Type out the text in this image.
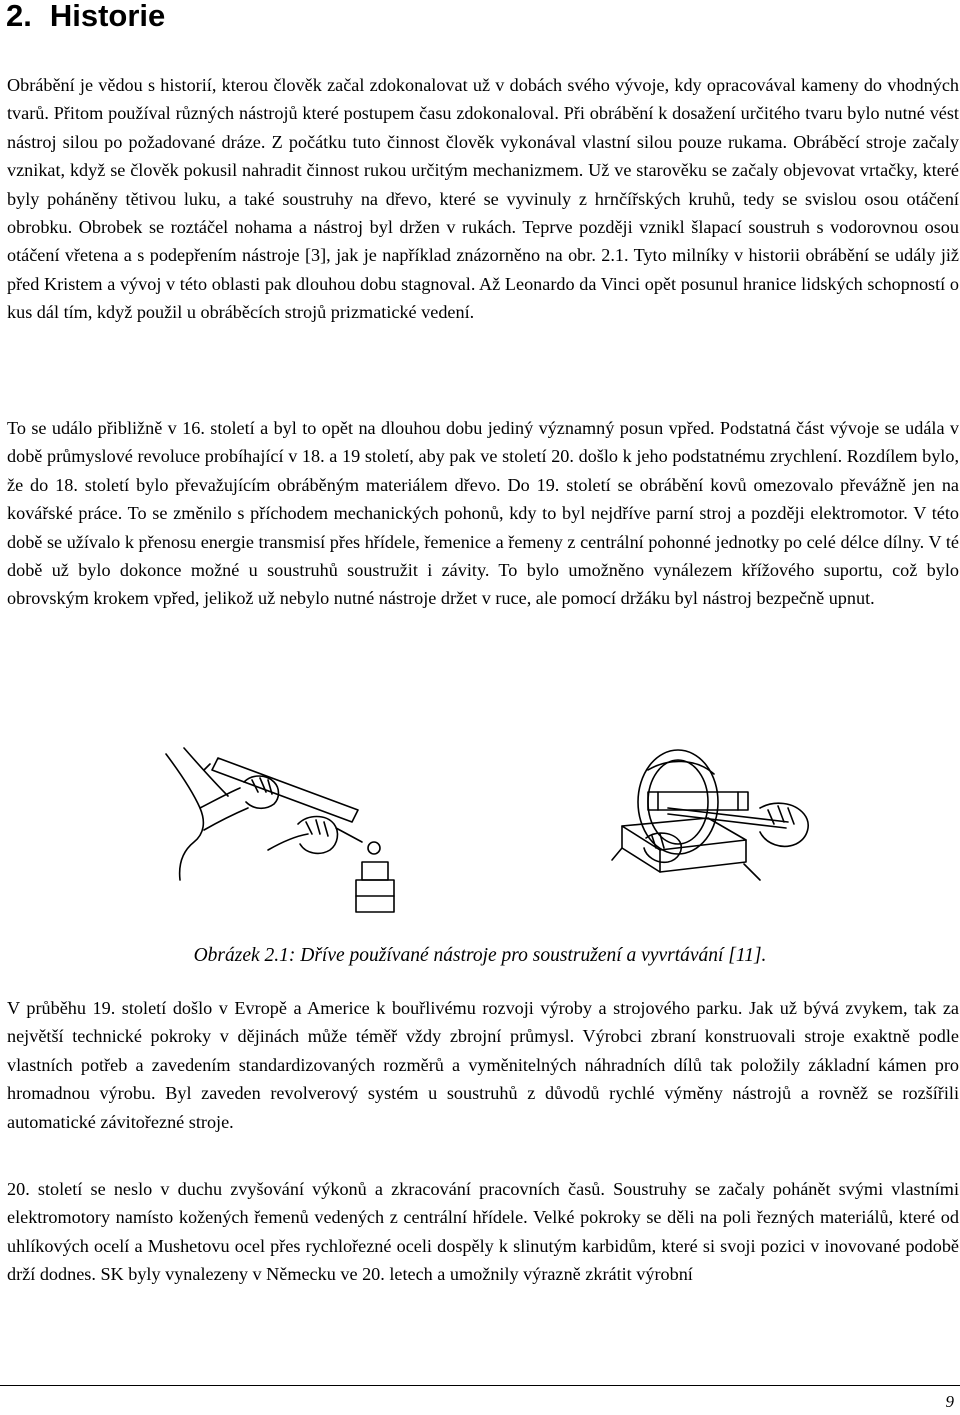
2. Historie

Obrábění je vědou s historií, kterou člověk začal zdokonalovat už v dobách svého vývoje, kdy opracovával kameny do vhodných tvarů. Přitom používal různých nástrojů které postupem času zdokonaloval. Při obrábění k dosažení určitého tvaru bylo nutné vést nástroj silou po požadované dráze. Z počátku tuto činnost člověk vykonával vlastní silou pouze rukama. Obráběcí stroje začaly vznikat, když se člověk pokusil nahradit činnost rukou určitým mechanizmem. Už ve starověku se začaly objevovat vrtačky, které byly poháněny tětivou luku, a také soustruhy na dřevo, které se vyvinuly z hrnčířských kruhů, tedy se svislou osou otáčení obrobku. Obrobek se roztáčel nohama a nástroj byl držen v rukách. Teprve později vznikl šlapací soustruh s vodorovnou osou otáčení vřetena a s podepřením nástroje [3], jak je například znázorněno na obr. 2.1. Tyto milníky v historii obrábění se udály již před Kristem a vývoj v této oblasti pak dlouhou dobu stagnoval. Až Leonardo da Vinci opět posunul hranice lidských schopností o kus dál tím, když použil u obráběcích strojů prizmatické vedení.

To se událo přibližně v 16. století a byl to opět na dlouhou dobu jediný významný posun vpřed. Podstatná část vývoje se udála v době průmyslové revoluce probíhající v 18. a 19 století, aby pak ve století 20. došlo k jeho podstatnému zrychlení. Rozdílem bylo, že do 18. století bylo převažujícím obráběným materiálem dřevo. Do 19. století se obrábění kovů omezovalo převážně jen na kovářské práce. To se změnilo s příchodem mechanických pohonů, kdy to byl nejdříve parní stroj a později elektromotor. V této době se užívalo k přenosu energie transmisí přes hřídele, řemenice a řemeny z centrální pohonné jednotky po celé délce dílny. V té době už bylo dokonce možné u soustruhů soustružit i závity. To bylo umožněno vynálezem křížového suportu, což bylo obrovským krokem vpřed, jelikož už nebylo nutné nástroje držet v ruce, ale pomocí držáku byl nástroj bezpečně upnut.

Obrázek 2.1: Dříve používané nástroje pro soustružení a vyvrtávání [11].

V průběhu 19. století došlo v Evropě a Americe k bouřlivému rozvoji výroby a strojového parku. Jak už bývá zvykem, tak za největší technické pokroky v dějinách může téměř vždy zbrojní průmysl. Výrobci zbraní konstruovali stroje exaktně podle vlastních potřeb a zavedením standardizovaných rozměrů a vyměnitelných náhradních dílů tak položily základní kámen pro hromadnou výrobu. Byl zaveden revolverový systém u soustruhů z důvodů rychlé výměny nástrojů a rovněž se rozšířili automatické závitořezné stroje.

20. století se neslo v duchu zvyšování výkonů a zkracování pracovních časů. Soustruhy se začaly pohánět svými vlastními elektromotory namísto kožených řemenů vedených z centrální hřídele. Velké pokroky se děli na poli řezných materiálů, které od uhlíkových ocelí a Mushetovu ocel přes rychlořezné oceli dospěly k slinutým karbidům, které si svoji pozici v inovované podobě drží dodnes. SK byly vynalezeny v Německu ve 20. letech a umožnily výrazně zkrátit výrobní

9
